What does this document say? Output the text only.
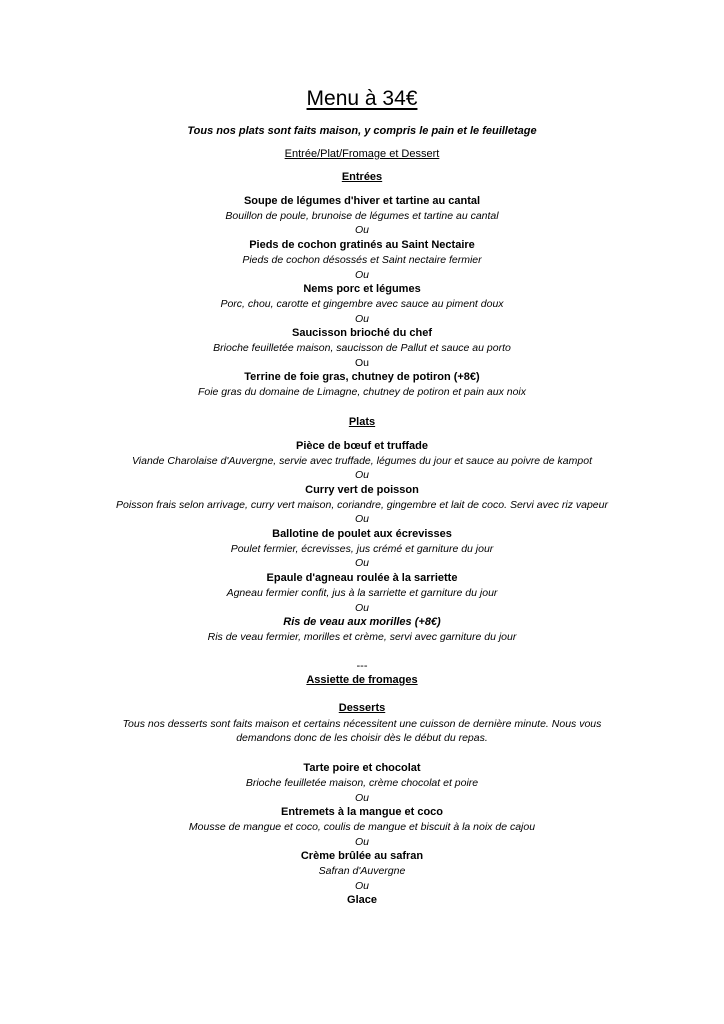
Menu à 34€

Tous nos plats sont faits maison, y compris le pain et le feuilletage

Entrée/Plat/Fromage et Dessert

Entrées

Soupe de légumes d'hiver et tartine au cantal

Bouillon de poule, brunoise de légumes et tartine au cantal

Ou

Pieds de cochon gratinés au Saint Nectaire

Pieds de cochon désossés et Saint nectaire fermier

Ou

Nems porc et légumes

Porc, chou, carotte et gingembre avec sauce au piment doux

Ou

Saucisson brioché du chef

Brioche feuilletée maison, saucisson de Pallut et sauce au porto

Ou

Terrine de foie gras, chutney de potiron (+8€)

Foie gras du domaine de Limagne, chutney de potiron et pain aux noix

Plats

Pièce de bœuf et truffade

Viande Charolaise d'Auvergne, servie avec truffade, légumes du jour et sauce au poivre de kampot

Ou

Curry vert de poisson

Poisson frais selon arrivage, curry vert maison, coriandre, gingembre et lait de coco. Servi avec riz vapeur

Ou

Ballotine de poulet aux écrevisses

Poulet fermier, écrevisses, jus crémé et garniture du jour

Ou

Epaule d'agneau roulée à la sarriette

Agneau fermier confit, jus à la sarriette et garniture du jour

Ou

Ris de veau aux morilles (+8€)

Ris de veau fermier, morilles et crème, servi avec garniture du jour

---

Assiette de fromages

Desserts

Tous nos desserts sont faits maison et certains nécessitent une cuisson de dernière minute. Nous vous

demandons donc de les choisir dès le début du repas.

Tarte poire et chocolat

Brioche feuilletée maison, crème chocolat et poire

Ou

Entremets à la mangue et coco

Mousse de mangue et coco, coulis de mangue et biscuit à la noix de cajou

Ou

Crème brûlée au safran

Safran d'Auvergne

Ou

Glace
